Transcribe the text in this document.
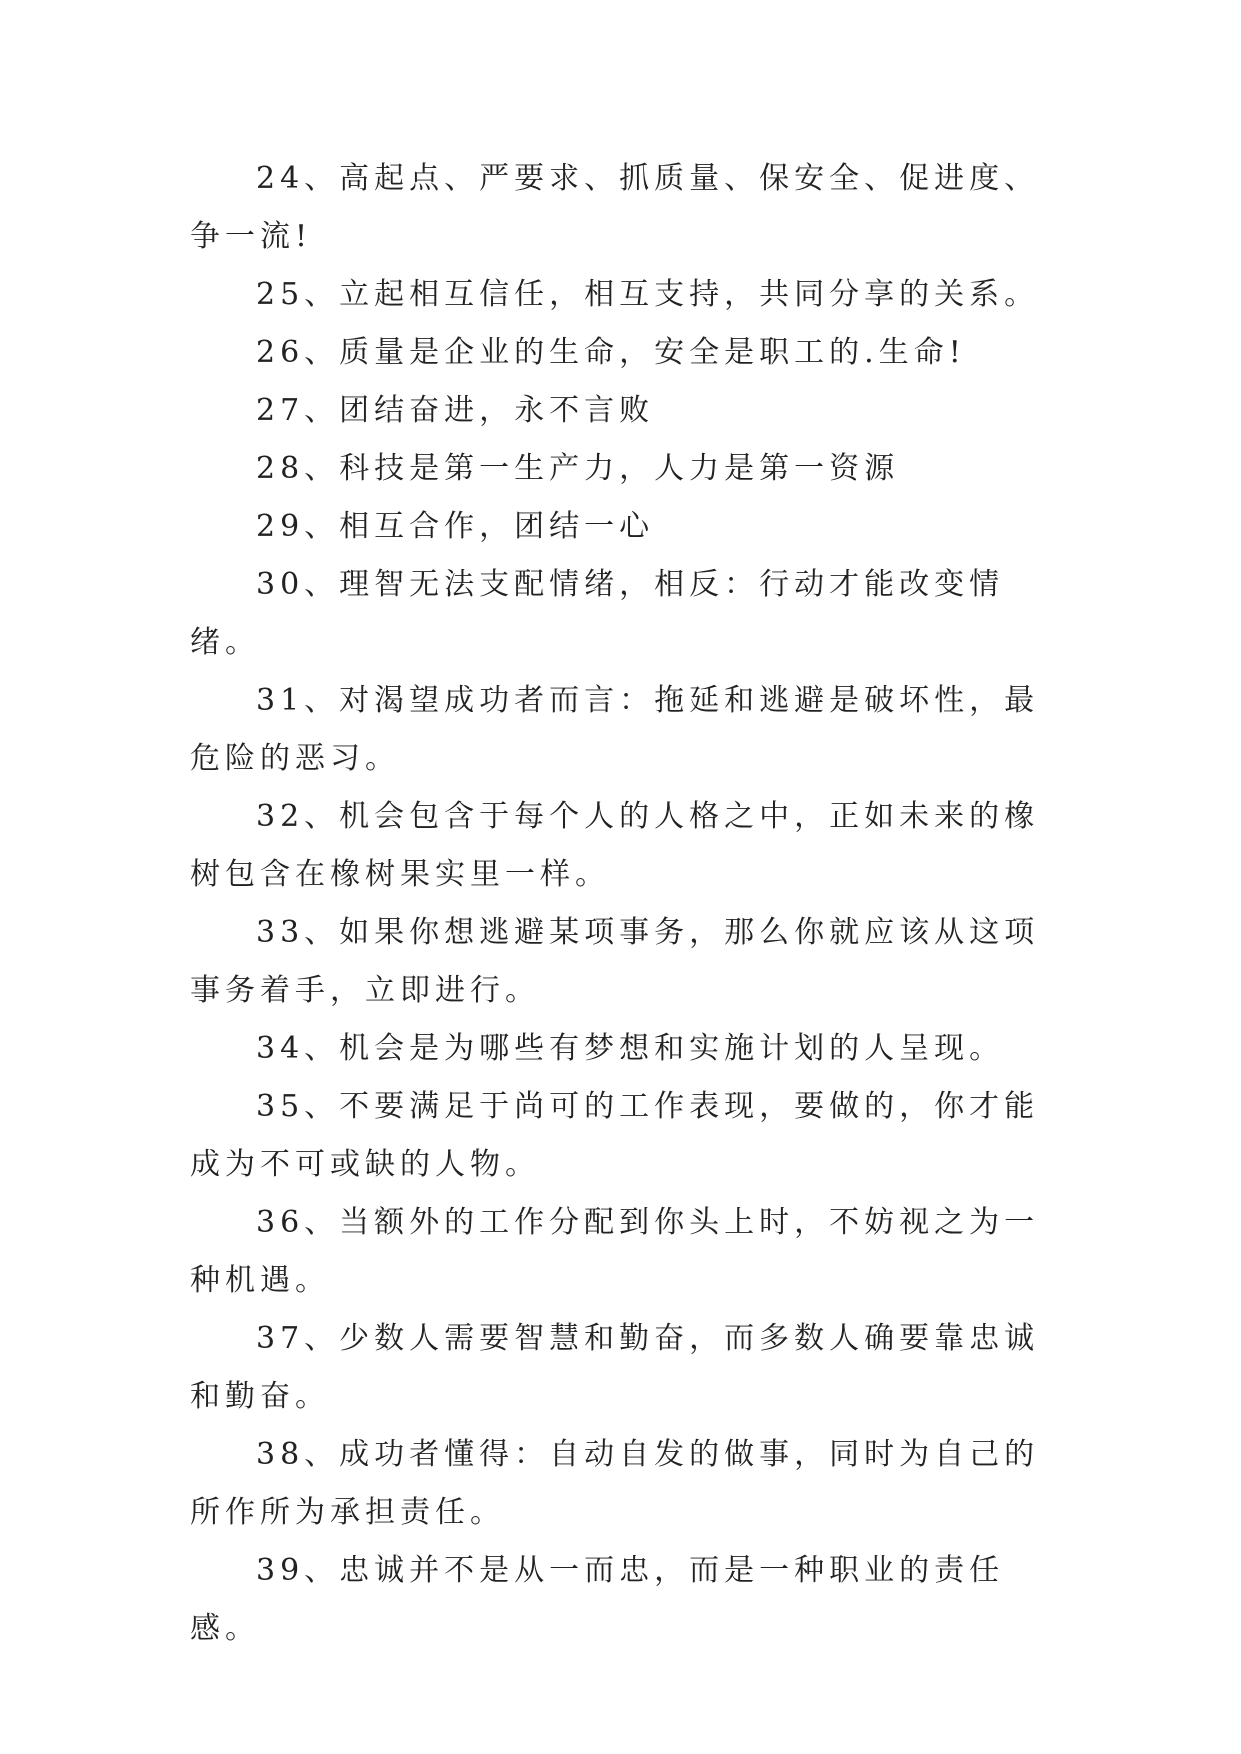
24、高起点、严要求、抓质量、保安全、促进度、争一流!

25、立起相互信任，相互支持，共同分享的关系。

26、质量是企业的生命，安全是职工的.生命!

27、团结奋进，永不言败

28、科技是第一生产力，人力是第一资源

29、相互合作，团结一心

30、理智无法支配情绪，相反：行动才能改变情绪。

31、对渴望成功者而言：拖延和逃避是破坏性，最危险的恶习。

32、机会包含于每个人的人格之中，正如未来的橡树包含在橡树果实里一样。

33、如果你想逃避某项事务，那么你就应该从这项事务着手，立即进行。

34、机会是为哪些有梦想和实施计划的人呈现。

35、不要满足于尚可的工作表现，要做的，你才能成为不可或缺的人物。

36、当额外的工作分配到你头上时，不妨视之为一种机遇。

37、少数人需要智慧和勤奋，而多数人确要靠忠诚和勤奋。

38、成功者懂得：自动自发的做事，同时为自己的所作所为承担责任。

39、忠诚并不是从一而忠，而是一种职业的责任感。
